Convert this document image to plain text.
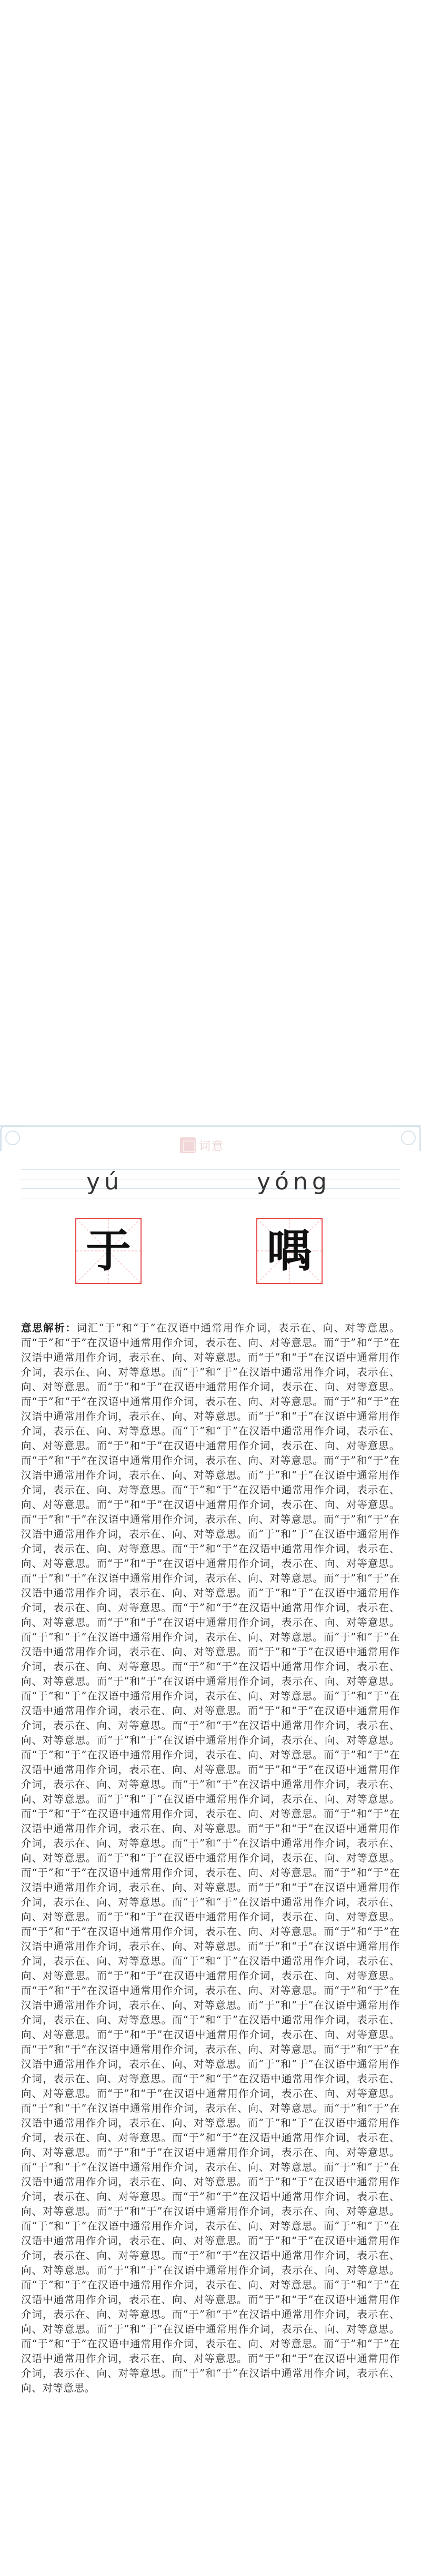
词意
yú	yóng
于	喁
意思解析：词汇“于”和“于”在汉语中通常用作介词，表示在、向、对等意思。而“于”和“于”在汉语中通常用作介词，表示在、向、对等意思。而“于”和“于”在汉语中通常用作介词，表示在、向、对等意思。而“于”和“于”在汉语中通常用作介词，表示在、向、对等意思。而“于”和“于”在汉语中通常用作介词，表示在、向、对等意思。而“于”和“于”在汉语中通常用作介词，表示在、向、对等意思。而“于”和“于”在汉语中通常用作介词，表示在、向、对等意思。而“于”和“于”在汉语中通常用作介词，表示在、向、对等意思。而“于”和“于”在汉语中通常用作介词，表示在、向、对等意思。而“于”和“于”在汉语中通常用作介词，表示在、向、对等意思。而“于”和“于”在汉语中通常用作介词，表示在、向、对等意思。而“于”和“于”在汉语中通常用作介词，表示在、向、对等意思。而“于”和“于”在汉语中通常用作介词，表示在、向、对等意思。而“于”和“于”在汉语中通常用作介词，表示在、向、对等意思。而“于”和“于”在汉语中通常用作介词，表示在、向、对等意思。而“于”和“于”在汉语中通常用作介词，表示在、向、对等意思。而“于”和“于”在汉语中通常用作介词，表示在、向、对等意思。而“于”和“于”在汉语中通常用作介词，表示在、向、对等意思。而“于”和“于”在汉语中通常用作介词，表示在、向、对等意思。而“于”和“于”在汉语中通常用作介词，表示在、向、对等意思。而“于”和“于”在汉语中通常用作介词，表示在、向、对等意思。而“于”和“于”在汉语中通常用作介词，表示在、向、对等意思。而“于”和“于”在汉语中通常用作介词，表示在、向、对等意思。而“于”和“于”在汉语中通常用作介词，表示在、向、对等意思。而“于”和“于”在汉语中通常用作介词，表示在、向、对等意思。而“于”和“于”在汉语中通常用作介词，表示在、向、对等意思。而“于”和“于”在汉语中通常用作介词，表示在、向、对等意思。而“于”和“于”在汉语中通常用作介词，表示在、向、对等意思。而“于”和“于”在汉语中通常用作介词，表示在、向、对等意思。而“于”和“于”在汉语中通常用作介词，表示在、向、对等意思。而“于”和“于”在汉语中通常用作介词，表示在、向、对等意思。而“于”和“于”在汉语中通常用作介词，表示在、向、对等意思。而“于”和“于”在汉语中通常用作介词，表示在、向、对等意思。而“于”和“于”在汉语中通常用作介词，表示在、向、对等意思。而“于”和“于”在汉语中通常用作介词，表示在、向、对等意思。而“于”和“于”在汉语中通常用作介词，表示在、向、对等意思。而“于”和“于”在汉语中通常用作介词，表示在、向、对等意思。而“于”和“于”在汉语中通常用作介词，表示在、向、对等意思。而“于”和“于”在汉语中通常用作介词，表示在、向、对等意思。而“于”和“于”在汉语中通常用作介词，表示在、向、对等意思。而“于”和“于”在汉语中通常用作介词，表示在、向、对等意思。而“于”和“于”在汉语中通常用作介词，表示在、向、对等意思。而“于”和“于”在汉语中通常用作介词，表示在、向、对等意思。而“于”和“于”在汉语中通常用作介词，表示在、向、对等意思。而“于”和“于”在汉语中通常用作介词，表示在、向、对等意思。而“于”和“于”在汉语中通常用作介词，表示在、向、对等意思。而“于”和“于”在汉语中通常用作介词，表示在、向、对等意思。而“于”和“于”在汉语中通常用作介词，表示在、向、对等意思。而“于”和“于”在汉语中通常用作介词，表示在、向、对等意思。而“于”和“于”在汉语中通常用作介词，表示在、向、对等意思。而“于”和“于”在汉语中通常用作介词，表示在、向、对等意思。而“于”和“于”在汉语中通常用作介词，表示在、向、对等意思。而“于”和“于”在汉语中通常用作介词，表示在、向、对等意思。而“于”和“于”在汉语中通常用作介词，表示在、向、对等意思。而“于”和“于”在汉语中通常用作介词，表示在、向、对等意思。而“于”和“于”在汉语中通常用作介词，表示在、向、对等意思。而“于”和“于”在汉语中通常用作介词，表示在、向、对等意思。而“于”和“于”在汉语中通常用作介词，表示在、向、对等意思。而“于”和“于”在汉语中通常用作介词，表示在、向、对等意思。而“于”和“于”在汉语中通常用作介词，表示在、向、对等意思。而“于”和“于”在汉语中通常用作介词，表示在、向、对等意思。而“于”和“于”在汉语中通常用作介词，表示在、向、对等意思。而“于”和“于”在汉语中通常用作介词，表示在、向、对等意思。而“于”和“于”在汉语中通常用作介词，表示在、向、对等意思。而“于”和“于”在汉语中通常用作介词，表示在、向、对等意思。而“于”和“于”在汉语中通常用作介词，表示在、向、对等意思。而“于”和“于”在汉语中通常用作介词，表示在、向、对等意思。而“于”和“于”在汉语中通常用作介词，表示在、向、对等意思。而“于”和“于”在汉语中通常用作介词，表示在、向、对等意思。而“于”和“于”在汉语中通常用作介词，表示在、向、对等意思。而“于”和“于”在汉语中通常用作介词，表示在、向、对等意思。而“于”和“于”在汉语中通常用作介词，表示在、向、对等意思。而“于”和“于”在汉语中通常用作介词，表示在、向、对等意思。而“于”和“于”在汉语中通常用作介词，表示在、向、对等意思。而“于”和“于”在汉语中通常用作介词，表示在、向、对等意思。而“于”和“于”在汉语中通常用作介词，表示在、向、对等意思。而“于”和“于”在汉语中通常用作介词，表示在、向、对等意思。而“于”和“于”在汉语中通常用作介词，表示在、向、对等意思。而“于”和“于”在汉语中通常用作介词，表示在、向、对等意思。而“于”和“于”在汉语中通常用作介词，表示在、向、对等意思。而“于”和“于”在汉语中通常用作介词，表示在、向、对等意思。而“于”和“于”在汉语中通常用作介词，表示在、向、对等意思。而“于”和“于”在汉语中通常用作介词，表示在、向、对等意思。而“于”和“于”在汉语中通常用作介词，表示在、向、对等意思。而“于”和“于”在汉语中通常用作介词，表示在、向、对等意思。而“于”和“于”在汉语中通常用作介词，表示在、向、对等意思。而“于”和“于”在汉语中通常用作介词，表示在、向、对等意思。而“于”和“于”在汉语中通常用作介词，表示在、向、对等意思。而“于”和“于”在汉语中通常用作介词，表示在、向、对等意思。而“于”和“于”在汉语中通常用作介词，表示在、向、对等意思。
